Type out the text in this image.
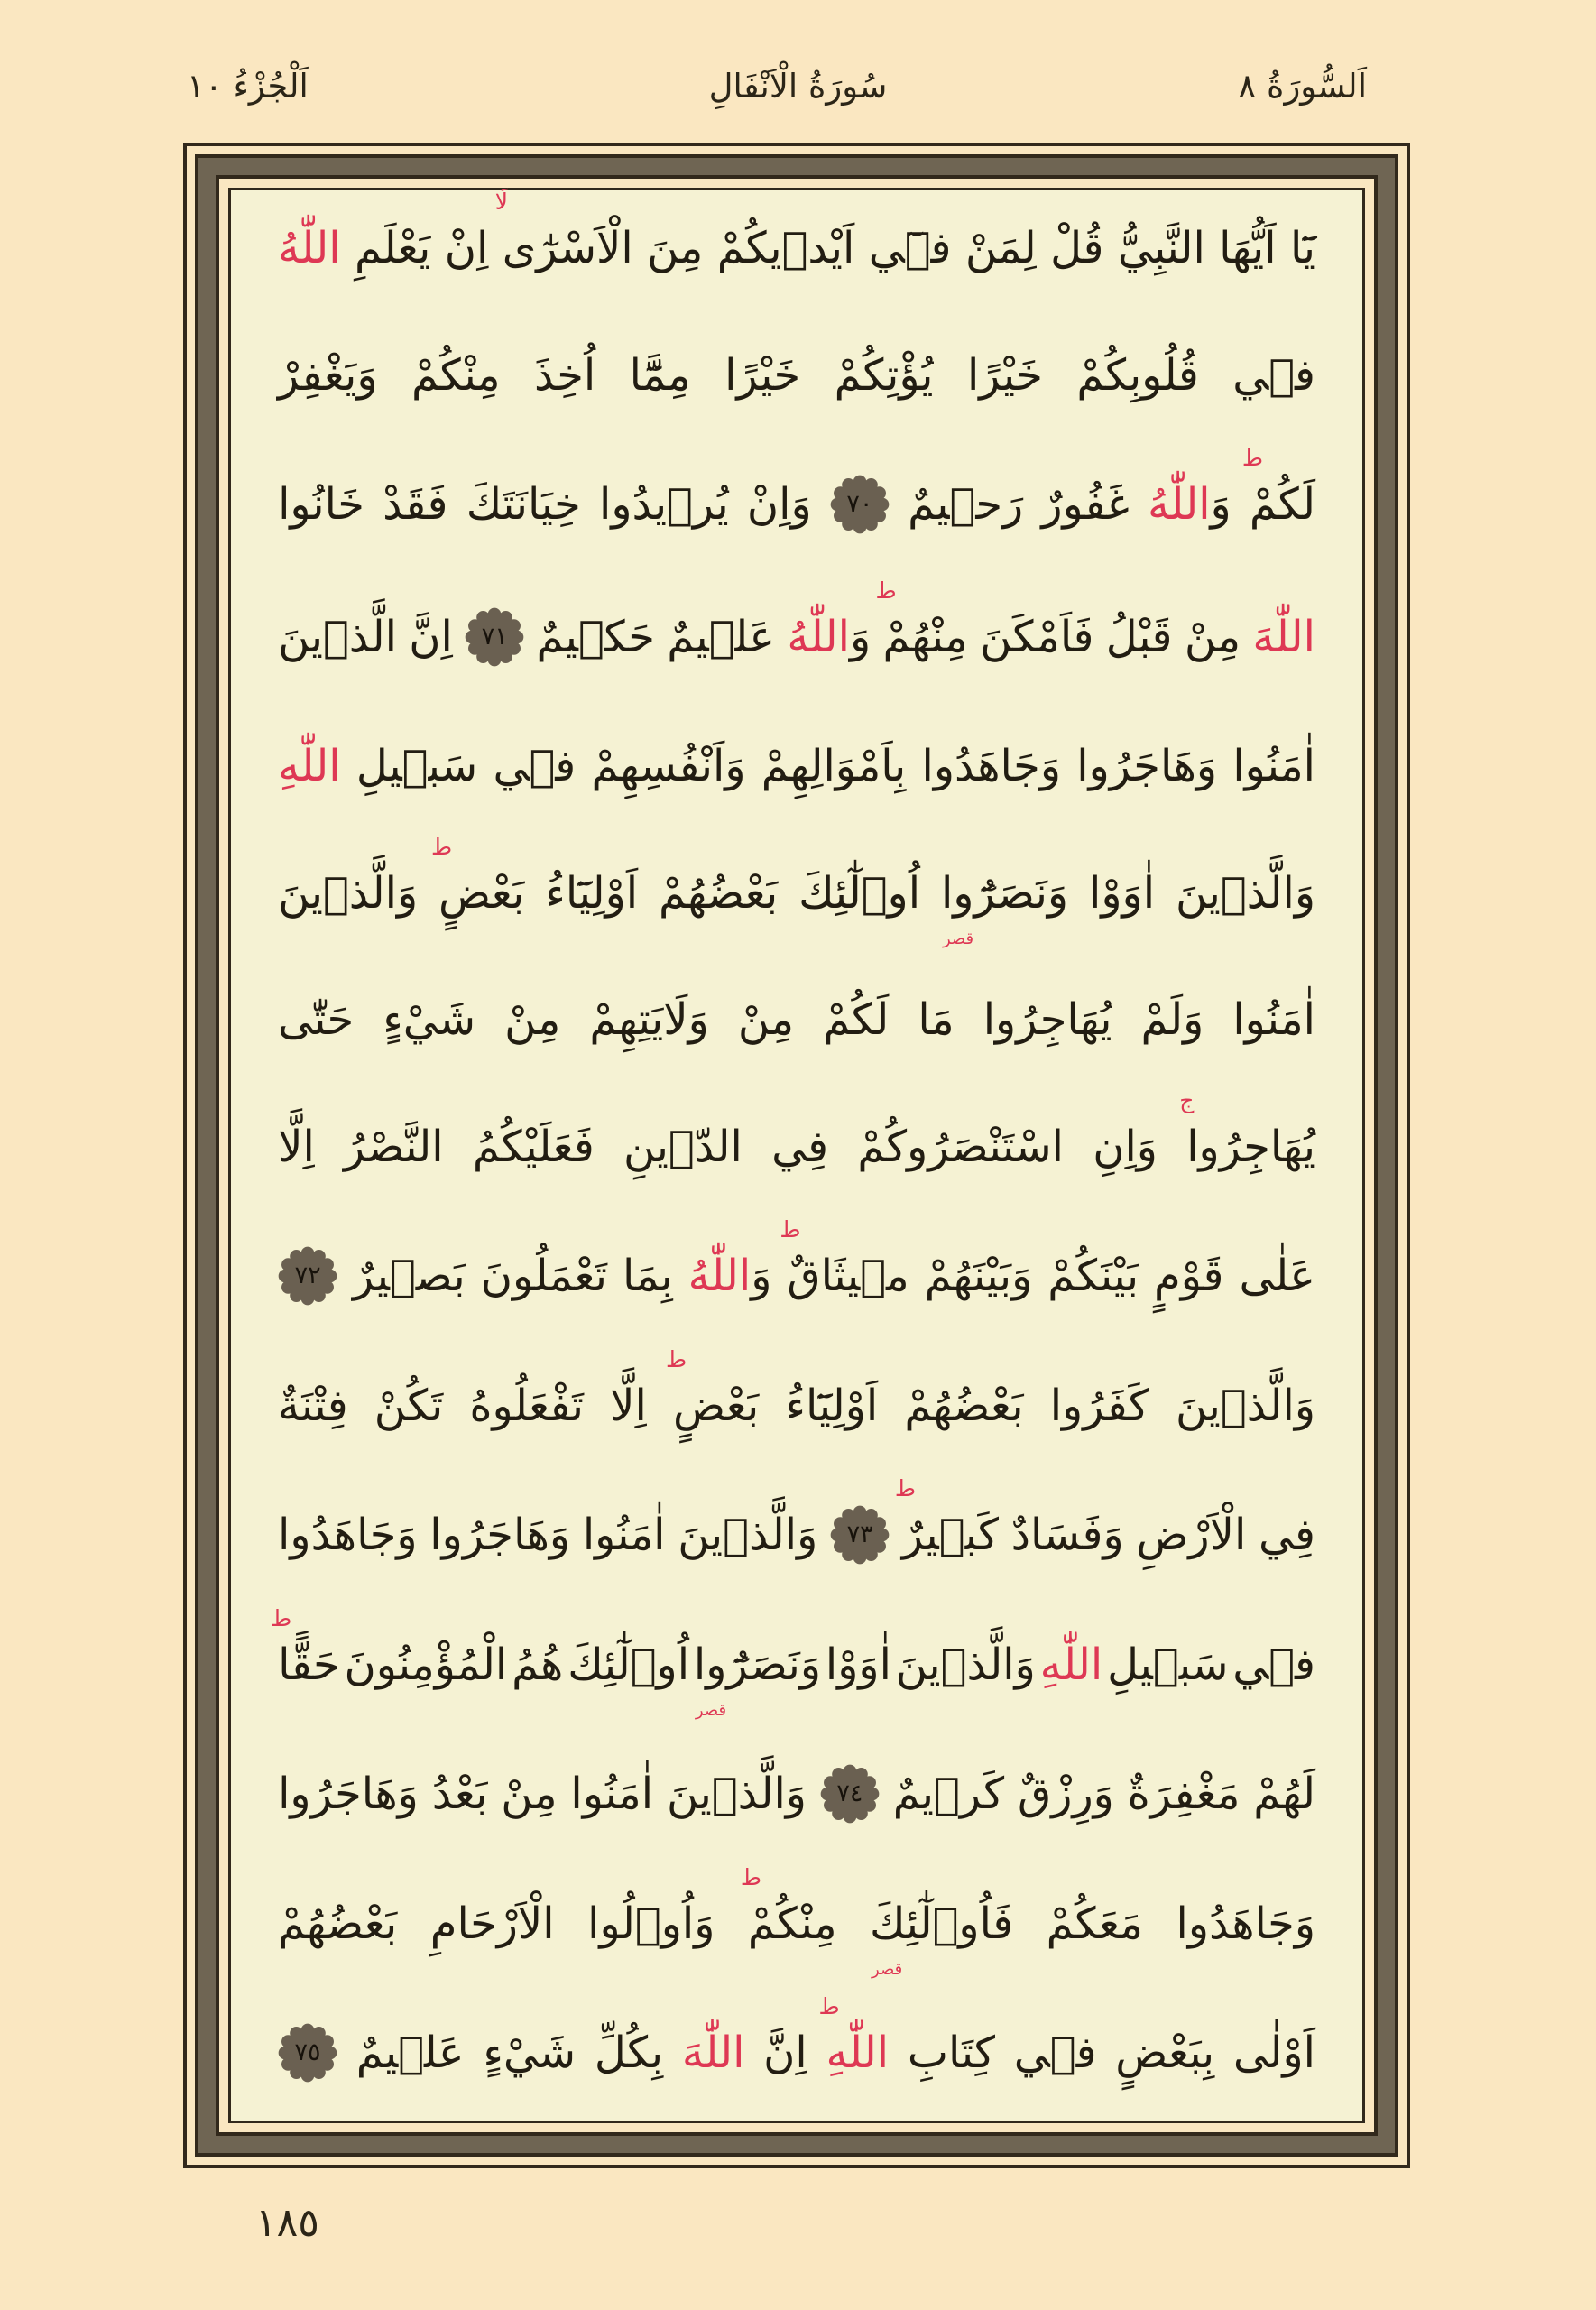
اَلسُّورَةُ ٨
سُورَةُ الْاَنْفَالِ
اَلْجُزْءُ ١٠
يَٓا
اَيُّهَا
النَّبِيُّ
قُلْ
لِمَنْ
ف۪ٓي
اَيْد۪يكُمْ
مِنَ
الْاَسْرٰٓى
لَا
اِنْ
يَعْلَمِ
اللّٰهُ
ف۪ي
قُلُوبِكُمْ
خَيْرًا
يُؤْتِكُمْ
خَيْرًا
مِمَّٓا
اُخِذَ
مِنْكُمْ
وَيَغْفِرْ
لَكُمْ
ط
وَ
اللّٰهُ
غَفُورٌ
رَح۪يمٌ
٧٠
وَاِنْ
يُر۪يدُوا
خِيَانَتَكَ
فَقَدْ
خَانُوا
اللّٰهَ
مِنْ
قَبْلُ
فَاَمْكَنَ
مِنْهُمْ
ط
وَ
اللّٰهُ
عَل۪يمٌ
حَك۪يمٌ
٧١
اِنَّ
الَّذ۪ينَ
اٰمَنُوا
وَهَاجَرُوا
وَجَاهَدُوا
بِاَمْوَالِهِمْ
وَاَنْفُسِهِمْ
ف۪ي
سَب۪يلِ
اللّٰهِ
وَالَّذ۪ينَ
اٰوَوْا
وَنَصَرُٓوا
قصر
اُو۬لٰٓئِكَ
بَعْضُهُمْ
اَوْلِيَٓاءُ
بَعْضٍ
ط
وَالَّذ۪ينَ
اٰمَنُوا
وَلَمْ
يُهَاجِرُوا
مَا
لَكُمْ
مِنْ
وَلَايَتِهِمْ
مِنْ
شَيْءٍ
حَتّٰى
يُهَاجِرُوا
ج
وَاِنِ
اسْتَنْصَرُوكُمْ
فِي
الدّ۪ينِ
فَعَلَيْكُمُ
النَّصْرُ
اِلَّا
عَلٰى
قَوْمٍ
بَيْنَكُمْ
وَبَيْنَهُمْ
م۪يثَاقٌ
ط
وَ
اللّٰهُ
بِمَا
تَعْمَلُونَ
بَص۪يرٌ
٧٢
وَالَّذ۪ينَ
كَفَرُوا
بَعْضُهُمْ
اَوْلِيَٓاءُ
بَعْضٍ
ط
اِلَّا
تَفْعَلُوهُ
تَكُنْ
فِتْنَةٌ
فِي
الْاَرْضِ
وَفَسَادٌ
كَب۪يرٌ
ط
٧٣
وَالَّذ۪ينَ
اٰمَنُوا
وَهَاجَرُوا
وَجَاهَدُوا
ف۪ي
سَب۪يلِ
اللّٰهِ
وَالَّذ۪ينَ
اٰوَوْا
وَنَصَرُٓوا
قصر
اُو۬لٰٓئِكَ
هُمُ
الْمُؤْمِنُونَ
حَقًّا
ط
لَهُمْ
مَغْفِرَةٌ
وَرِزْقٌ
كَر۪يمٌ
٧٤
وَالَّذ۪ينَ
اٰمَنُوا
مِنْ
بَعْدُ
وَهَاجَرُوا
وَجَاهَدُوا
مَعَكُمْ
فَاُو۬لٰٓئِكَ
قصر
مِنْكُمْ
ط
وَاُو۬لُوا
الْاَرْحَامِ
بَعْضُهُمْ
اَوْلٰى
بِبَعْضٍ
ف۪ي
كِتَابِ
اللّٰهِ
ط
اِنَّ
اللّٰهَ
بِكُلِّ
شَيْءٍ
عَل۪يمٌ
٧٥
١٨٥
